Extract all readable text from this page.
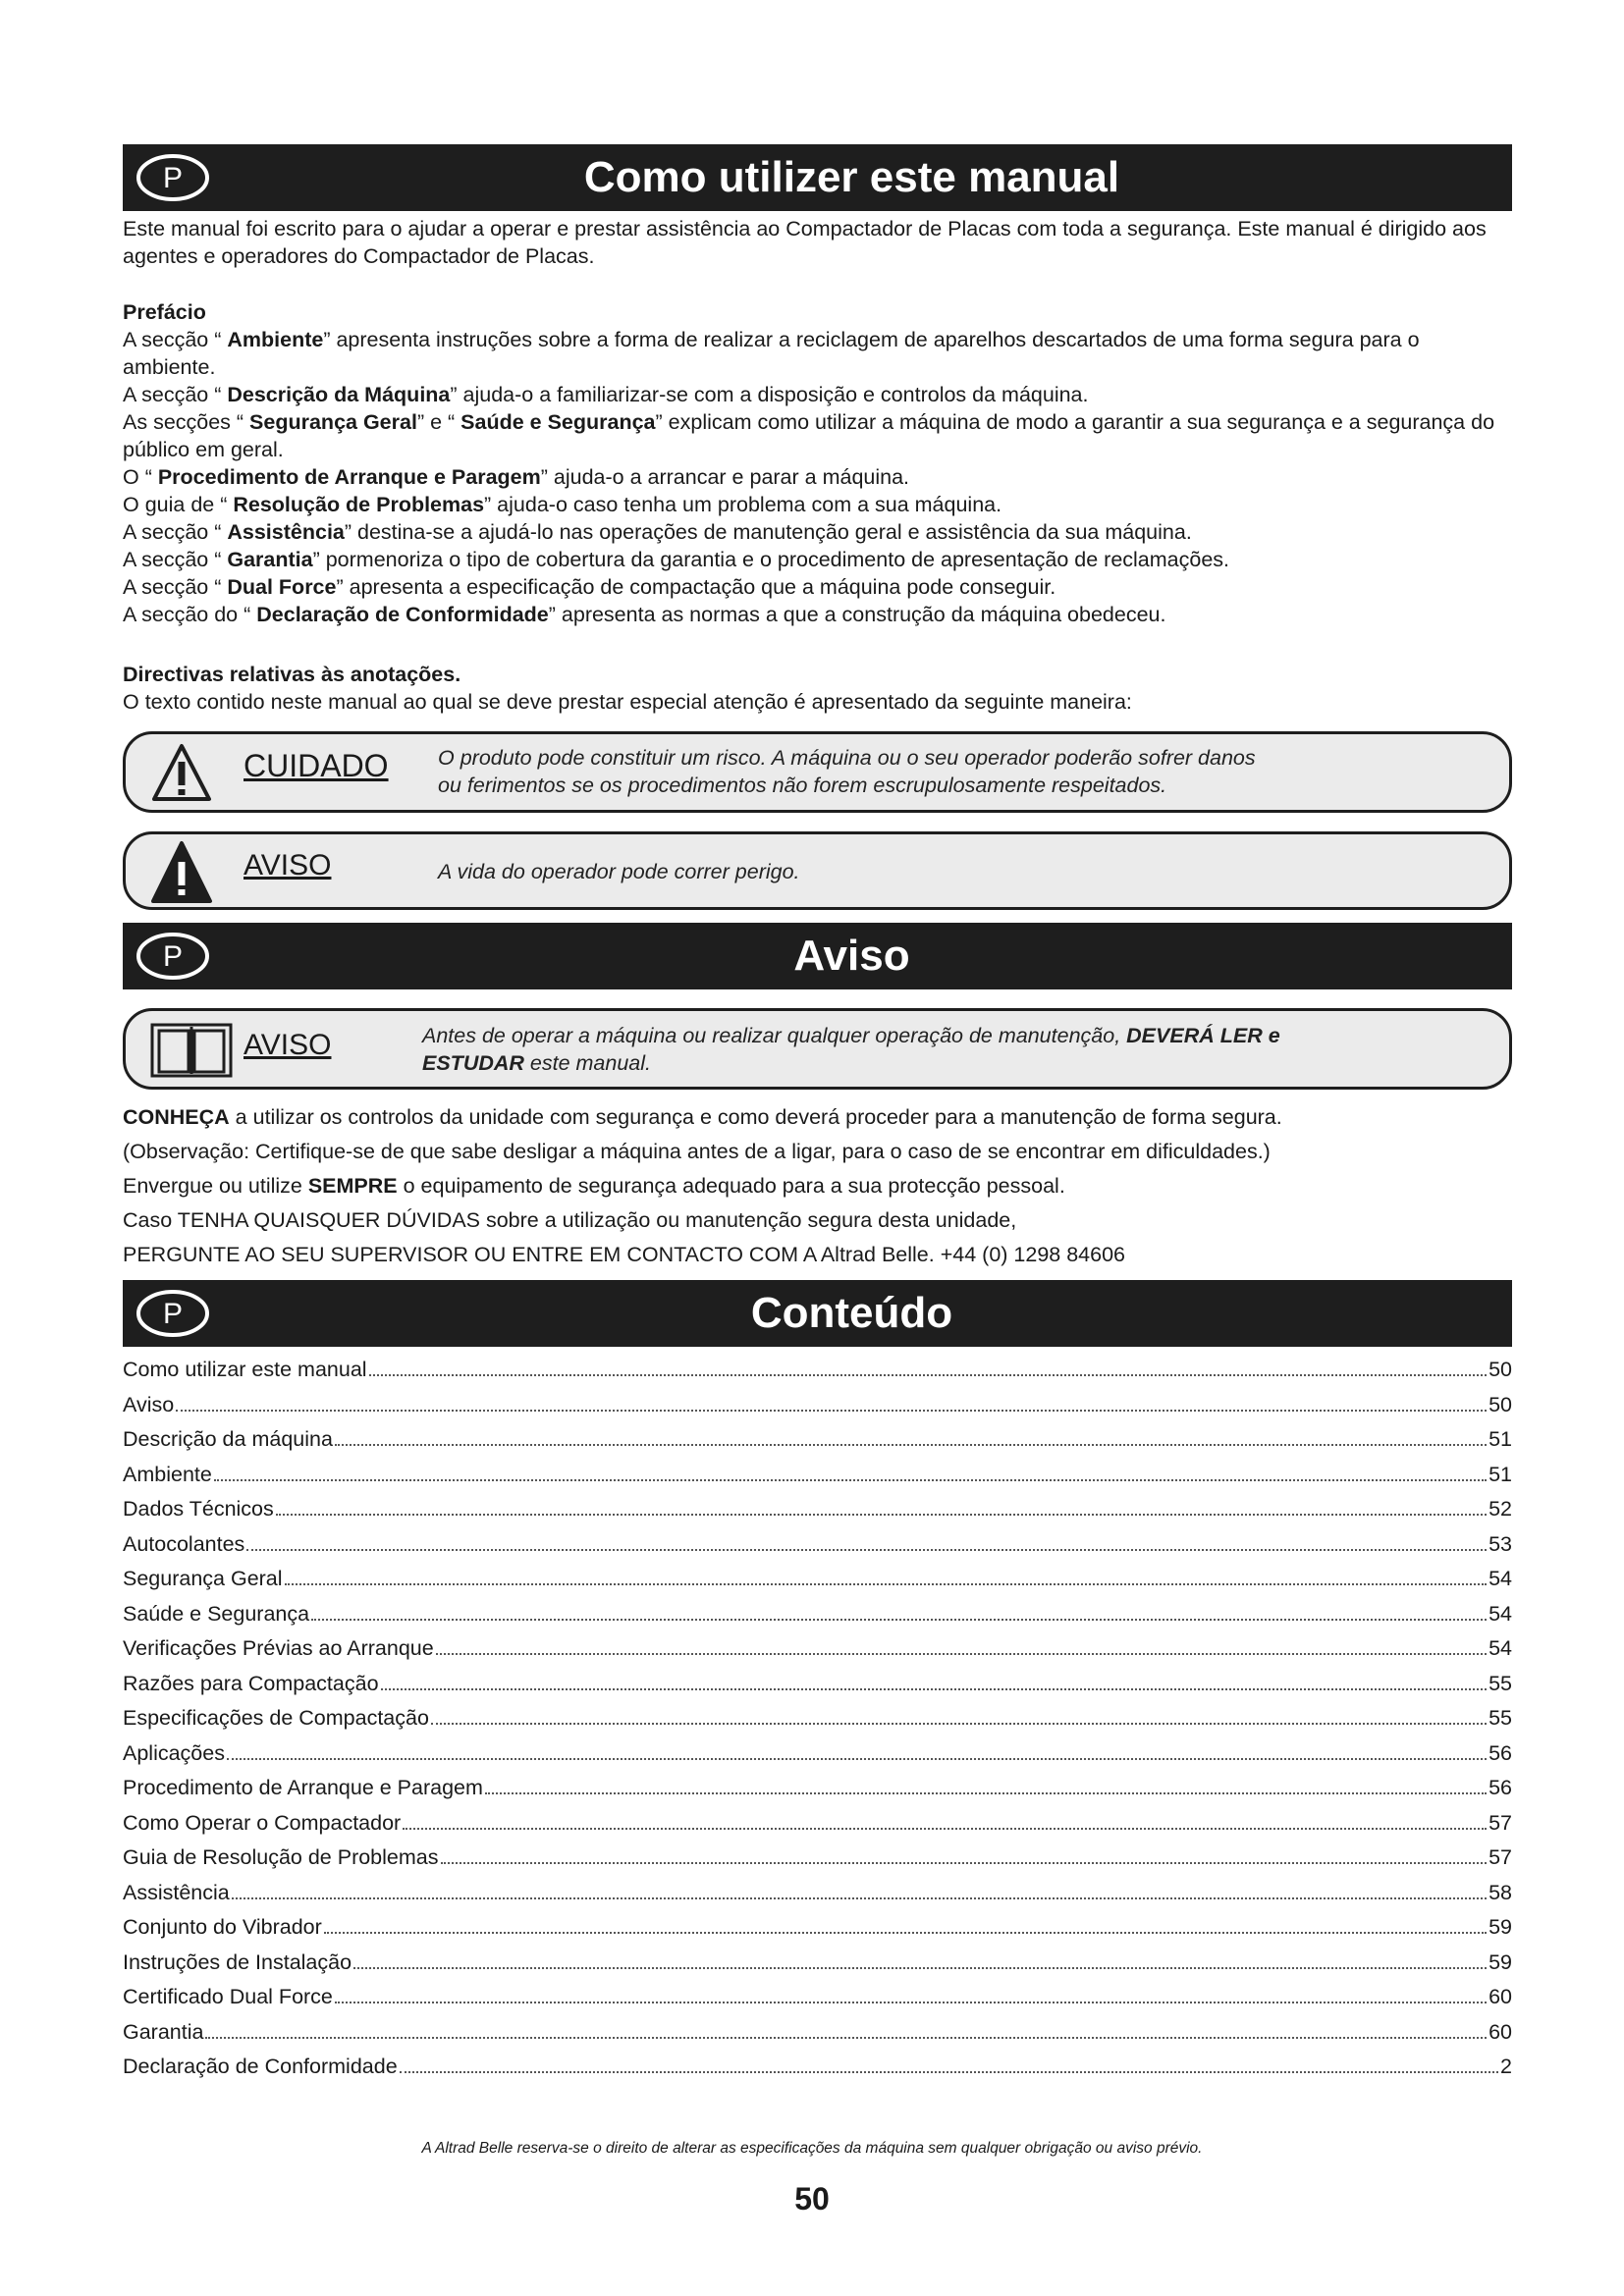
P	Como utilizer este manual

Este manual foi escrito para o ajudar a operar e prestar assistência ao Compactador de Placas com toda a segurança. Este manual é dirigido aos agentes e operadores do Compactador de Placas.

Prefácio

A secção “ Ambiente” apresenta instruções sobre a forma de realizar a reciclagem de aparelhos descartados de uma forma segura para o ambiente.

A secção “ Descrição da Máquina” ajuda-o a familiarizar-se com a disposição e controlos da máquina.

As secções “ Segurança Geral” e “ Saúde e Segurança” explicam como utilizar a máquina de modo a garantir a sua segurança e a segurança do público em geral.

O “ Procedimento de Arranque e Paragem” ajuda-o a arrancar e parar a máquina.

O guia de “ Resolução de Problemas” ajuda-o caso tenha um problema com a sua máquina.

A secção “ Assistência” destina-se a ajudá-lo nas operações de manutenção geral e assistência da sua máquina.

A secção “ Garantia” pormenoriza o tipo de cobertura da garantia e o procedimento de apresentação de reclamações.

A secção “ Dual Force” apresenta a especificação de compactação que a máquina pode conseguir.

A secção do “ Declaração de Conformidade” apresenta as normas a que a construção da máquina obedeceu.

Directivas relativas às anotações.

O texto contido neste manual ao qual se deve prestar especial atenção é apresentado da seguinte maneira:

CUIDADO O produto pode constituir um risco. A máquina ou o seu operador poderão sofrer danos
ou ferimentos se os procedimentos não forem escrupulosamente respeitados.
AVISO	A vida do operador pode correr perigo.
P	Aviso
AVISO	Antes de operar a máquina ou realizar qualquer operação de manutenção, DEVERÁ LER e
ESTUDAR este manual.

CONHEÇA a utilizar os controlos da unidade com segurança e como deverá proceder para a manutenção de forma segura.

(Observação: Certifique-se de que sabe desligar a máquina antes de a ligar, para o caso de se encontrar em dificuldades.)

Envergue ou utilize SEMPRE o equipamento de segurança adequado para a sua protecção pessoal.

Caso TENHA QUAISQUER DÚVIDAS sobre a utilização ou manutenção segura desta unidade,

PERGUNTE AO SEU SUPERVISOR OU ENTRE EM CONTACTO COM A Altrad Belle. +44 (0) 1298 84606

P	Conteúdo
Como utilizar este manual	50
Aviso	50
Descrição da máquina	51
Ambiente	51
Dados Técnicos	52
Autocolantes	53
Segurança Geral	54
Saúde e Segurança	54
Verificações Prévias ao Arranque	54
Razões para Compactação	55
Especificações de Compactação	55
Aplicações	56
Procedimento de Arranque e Paragem	56
Como Operar o Compactador	57
Guia de Resolução de Problemas	57
Assistência	58
Conjunto do Vibrador	59
Instruções de Instalação	59
Certificado Dual Force	60
Garantia	60
Declaração de Conformidade	2
A Altrad Belle reserva-se o direito de alterar as especificações da máquina sem qualquer obrigação ou aviso prévio.
50
